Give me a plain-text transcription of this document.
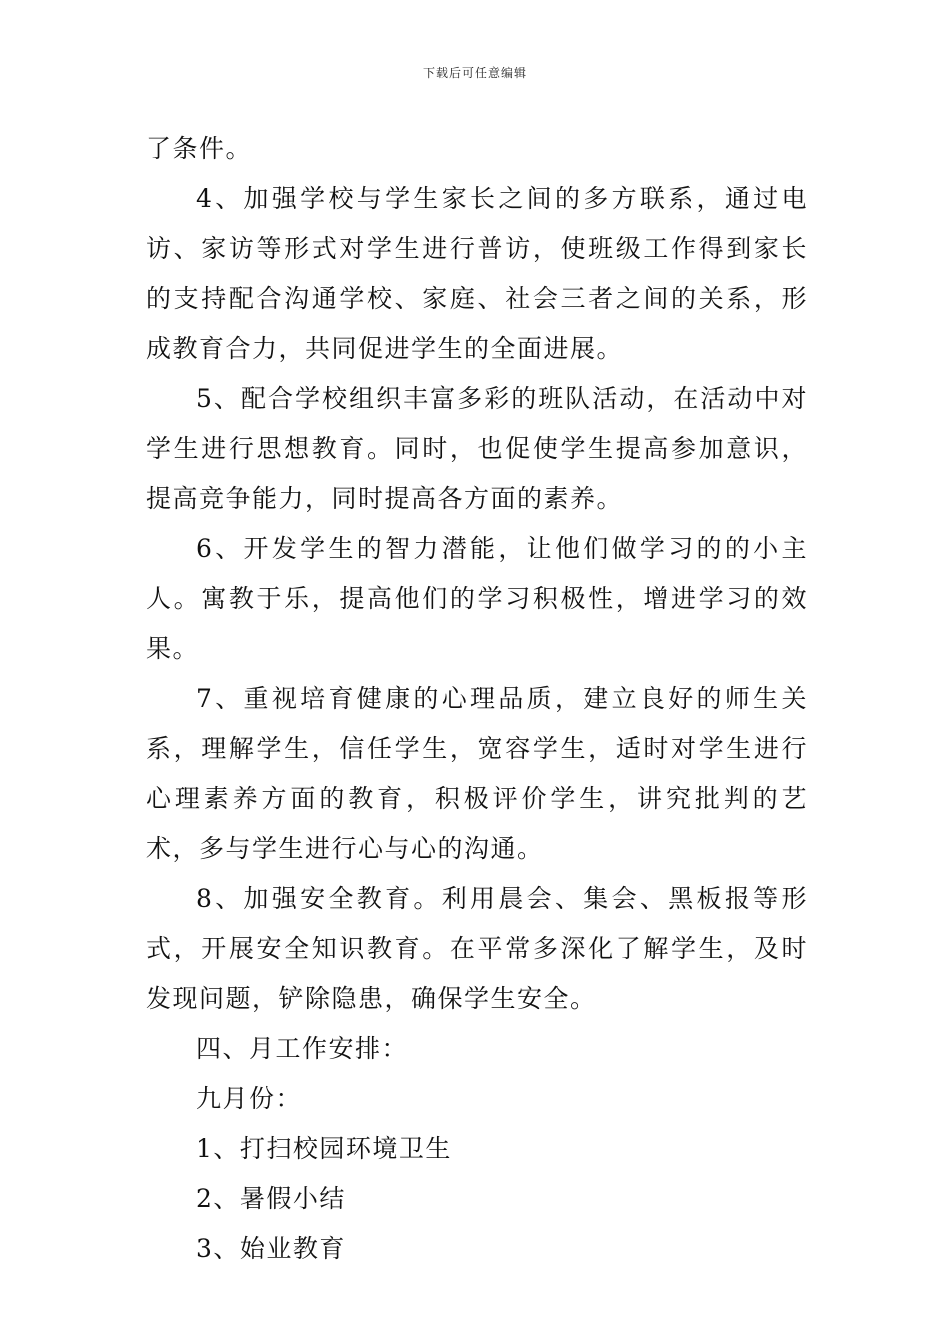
下载后可任意编辑

了条件。

4、加强学校与学生家长之间的多方联系，通过电访、家访等形式对学生进行普访，使班级工作得到家长的支持配合沟通学校、家庭、社会三者之间的关系，形成教育合力，共同促进学生的全面进展。

5、配合学校组织丰富多彩的班队活动，在活动中对学生进行思想教育。同时，也促使学生提高参加意识，提高竞争能力，同时提高各方面的素养。

6、开发学生的智力潜能，让他们做学习的的小主人。寓教于乐，提高他们的学习积极性，增进学习的效果。

7、重视培育健康的心理品质，建立良好的师生关系，理解学生，信任学生，宽容学生，适时对学生进行心理素养方面的教育，积极评价学生，讲究批判的艺术，多与学生进行心与心的沟通。

8、加强安全教育。利用晨会、集会、黑板报等形式，开展安全知识教育。在平常多深化了解学生，及时发现问题，铲除隐患，确保学生安全。

四、月工作安排：

九月份：

1、打扫校园环境卫生

2、暑假小结

3、始业教育
